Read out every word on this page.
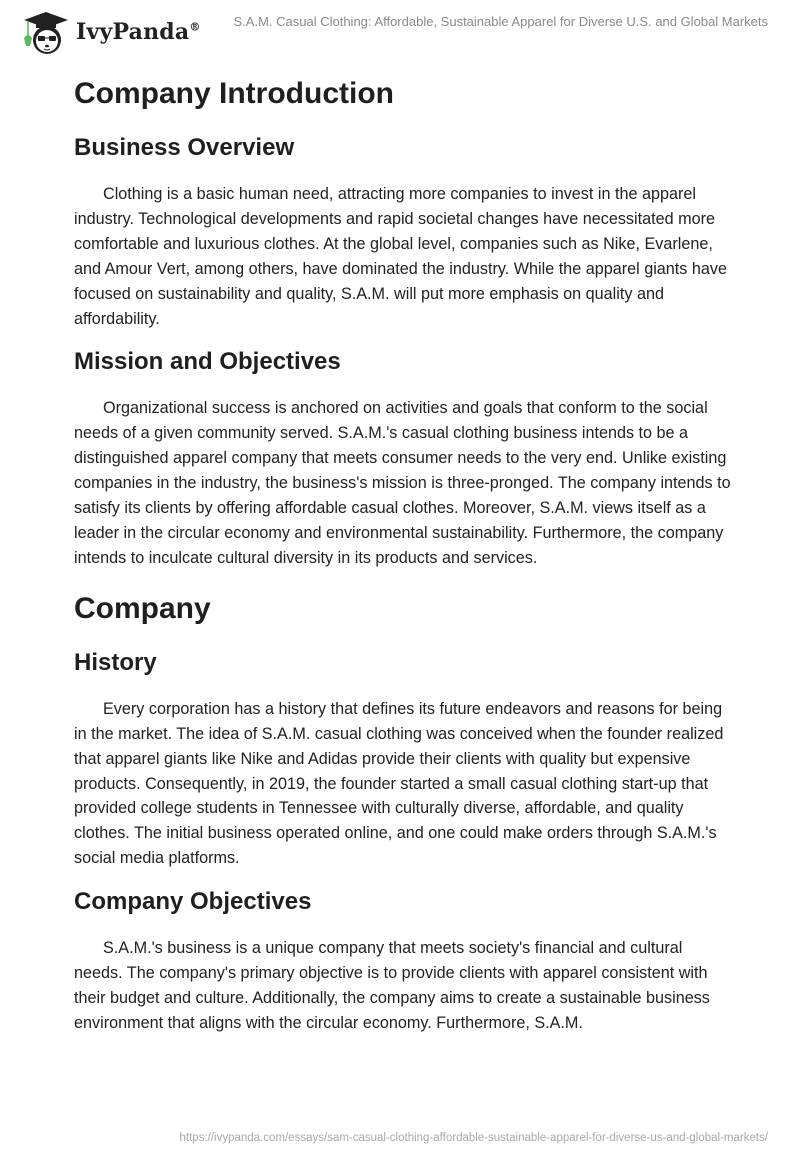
IvyPanda®	S.A.M. Casual Clothing: Affordable, Sustainable Apparel for Diverse U.S. and Global Markets
Company Introduction
Business Overview

Clothing is a basic human need, attracting more companies to invest in the apparel industry. Technological developments and rapid societal changes have necessitated more comfortable and luxurious clothes. At the global level, companies such as Nike, Evarlene, and Amour Vert, among others, have dominated the industry. While the apparel giants have focused on sustainability and quality, S.A.M. will put more emphasis on quality and affordability.

Mission and Objectives

Organizational success is anchored on activities and goals that conform to the social needs of a given community served. S.A.M.'s casual clothing business intends to be a distinguished apparel company that meets consumer needs to the very end. Unlike existing companies in the industry, the business's mission is three-pronged. The company intends to satisfy its clients by offering affordable casual clothes. Moreover, S.A.M. views itself as a leader in the circular economy and environmental sustainability. Furthermore, the company intends to inculcate cultural diversity in its products and services.

Company
History

Every corporation has a history that defines its future endeavors and reasons for being in the market. The idea of S.A.M. casual clothing was conceived when the founder realized that apparel giants like Nike and Adidas provide their clients with quality but expensive products. Consequently, in 2019, the founder started a small casual clothing start-up that provided college students in Tennessee with culturally diverse, affordable, and quality clothes. The initial business operated online, and one could make orders through S.A.M.'s social media platforms.

Company Objectives

S.A.M.'s business is a unique company that meets society's financial and cultural needs. The company's primary objective is to provide clients with apparel consistent with their budget and culture. Additionally, the company aims to create a sustainable business environment that aligns with the circular economy. Furthermore, S.A.M.

https://ivypanda.com/essays/sam-casual-clothing-affordable-sustainable-apparel-for-diverse-us-and-global-markets/
